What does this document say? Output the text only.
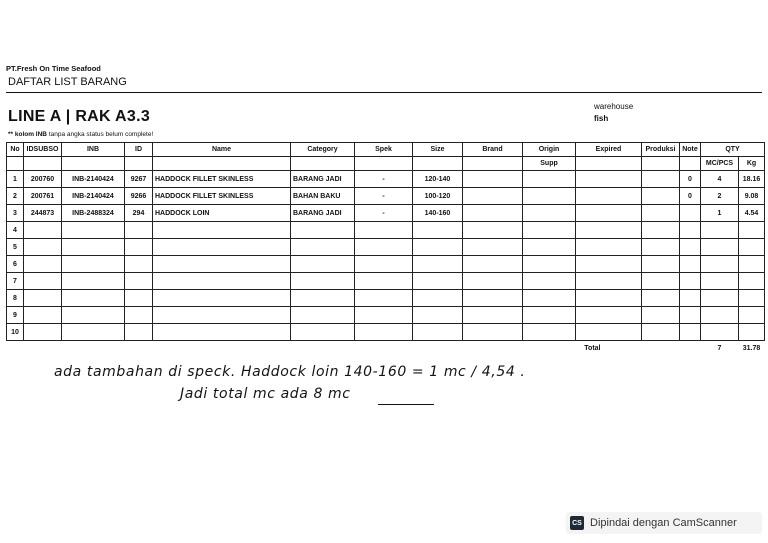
PT.Fresh On Time Seafood
DAFTAR LIST BARANG
LINE A | RAK A3.3
warehouse
fish
** kolom INB tanpa angka status belum complete!
No	IDSUBSO	INB	ID	Name	Category	Spek	Size	Brand	Origin	Expired	Produksi	Note	QTY	
									Supp				MC/PCS	Kg
1	200760	INB-2140424	9267	HADDOCK FILLET SKINLESS	BARANG JADI	-	120-140					0	4	18.16
2	200761	INB-2140424	9266	HADDOCK FILLET SKINLESS	BAHAN BAKU	-	100-120					0	2	9.08
3	244873	INB-2488324	294	HADDOCK LOIN	BARANG JADI	-	140-160						1	4.54
4														
5														
6														
7														
8														
9														
10														
Total													7	31.78
ada tambahan di speck. Haddock loin 140-160 = 1 mc / 4,54 .
Jadi total mc ada 8 mc
CS Dipindai dengan CamScanner
